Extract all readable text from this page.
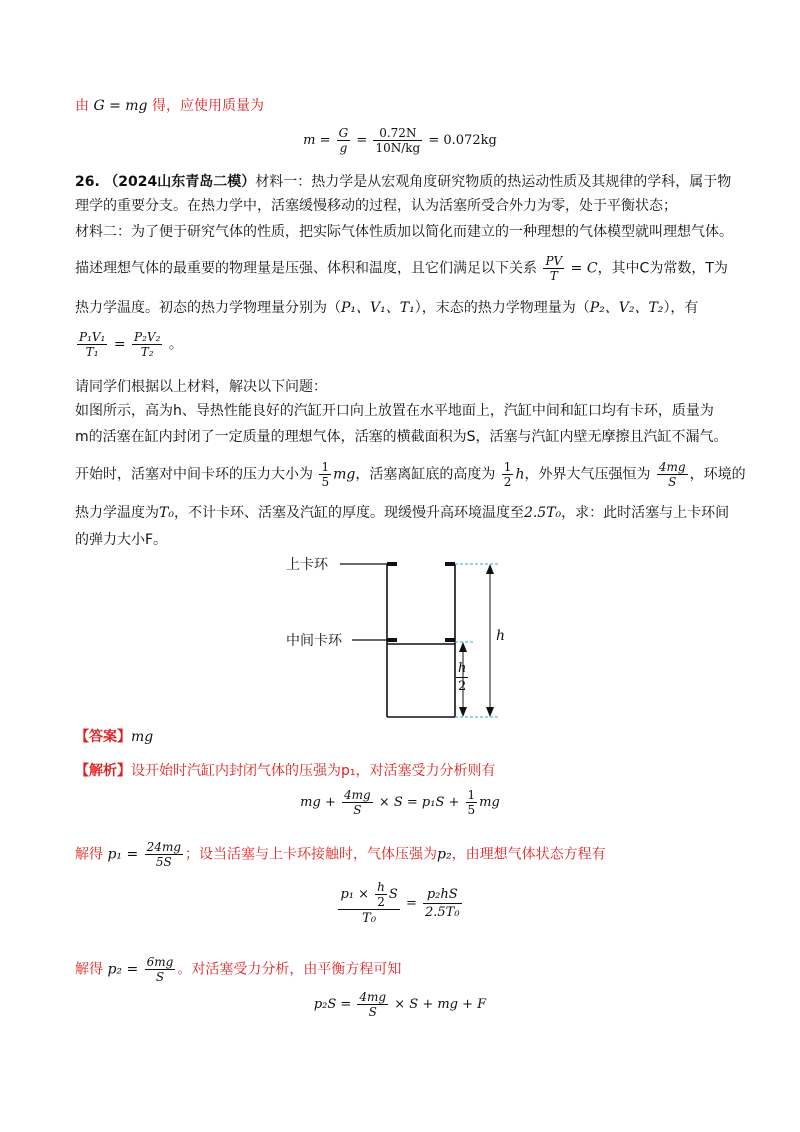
由 G = mg 得，应使用质量为
$m = \frac{G}{g} = \frac{0.72N}{10N/kg} = 0.072kg$
26. （2024山东青岛二模）材料一：热力学是从宏观角度研究物质的热运动性质及其规律的学科，属于物
理学的重要分支。在热力学中，活塞缓慢移动的过程，认为活塞所受合外力为零，处于平衡状态；
材料二：为了便于研究气体的性质，把实际气体性质加以简化而建立的一种理想的气体模型就叫理想气体。
描述理想气体的最重要的物理量是压强、体积和温度，且它们满足以下关系 $\frac{PV}{T} = C$，其中C为常数，T为
热力学温度。初态的热力学物理量分别为（P₁、V₁、T₁），末态的热力学物理量为（P₂、V₂、T₂），有
$\frac{\text{P₁V₁}}{\text{T₁}} = \frac{\text{P₂V₂}}{\text{T₂}}$ 。
请同学们根据以上材料，解决以下问题：
如图所示，高为h、导热性能良好的汽缸开口向上放置在水平地面上，汽缸中间和缸口均有卡环，质量为
m的活塞在缸内封闭了一定质量的理想气体，活塞的横截面积为S，活塞与汽缸内壁无摩擦且汽缸不漏气。
开始时，活塞对中间卡环的压力大小为 $\frac{1}{5}$ mg，活塞离缸底的高度为 $\frac{1}{2}$ h，外界大气压强恒为 $\frac{4mg}{S}$ ，环境的
热力学温度为T₀，不计卡环、活塞及汽缸的厚度。现缓慢升高环境温度至2.5T₀，求：此时活塞与上卡环间
的弹力大小F。
上卡环
中间卡环	h
$\frac{h}{2}$
【答案】mg
【解析】设开始时汽缸内封闭气体的压强为p₁，对活塞受力分析则有
mg + $\frac{4mg}{S} \times S = p_1S + \frac{1}{5}$ mg
解得 $p_1 = \frac{24mg}{5S}$ ；设当活塞与上卡环接触时，气体压强为p₂，由理想气体状态方程有
$\frac{p_1 \times \frac{h}{2} S}{\text{T₀}} = \frac{\text{p₂hS}}{\text{2.5T₀}}$
解得 $p_2 = \frac{6mg}{S}$ 。对活塞受力分析，由平衡方程可知
$p_2S = \frac{4mg}{S} \times S$ + mg + F
